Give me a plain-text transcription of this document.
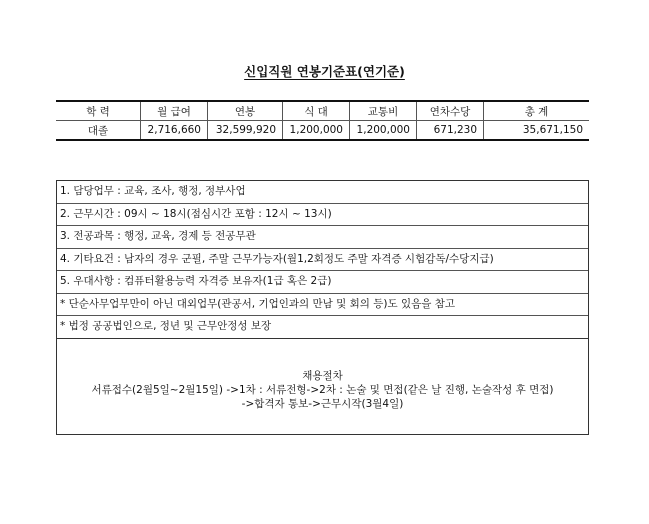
신입직원 연봉기준표(연기준)
학 력	월 급여	연봉	식 대	교통비	연차수당	총 계
대졸	2,716,660	32,599,920	1,200,000	1,200,000	671,230	35,671,150
1. 담당업무 : 교육, 조사, 행정, 정부사업
2. 근무시간 : 09시 ~ 18시(점심시간 포함 : 12시 ~ 13시)
3. 전공과목 : 행정, 교육, 경제 등 전공무관
4. 기타요건 : 남자의 경우 군필, 주말 근무가능자(월1,2회정도 주말 자격증 시험감독/수당지급)
5. 우대사항 : 컴퓨터활용능력 자격증 보유자(1급 혹은 2급)
* 단순사무업무만이 아닌 대외업무(관공서, 기업인과의 만남 및 회의 등)도 있음을 참고
* 법정 공공법인으로, 정년 및 근무안정성 보장
채용절차
서류접수(2월5일~2월15일) ->1차 : 서류전형->2차 : 논술 및 면접(같은 날 진행, 논술작성 후 면접)
->합격자 통보->근무시작(3월4일)
